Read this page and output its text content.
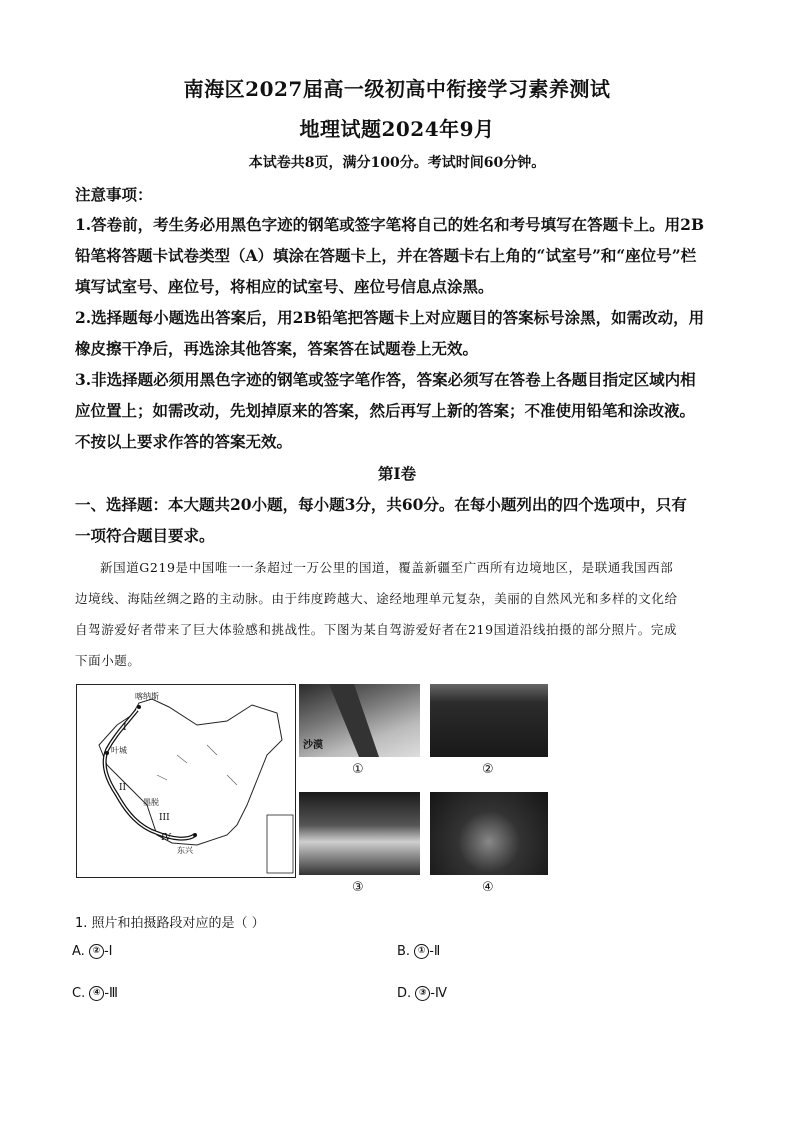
南海区2027届高一级初高中衔接学习素养测试
地理试题2024年9月
本试卷共8页，满分100分。考试时间60分钟。
注意事项：
1.答卷前，考生务必用黑色字迹的钢笔或签字笔将自己的姓名和考号填写在答题卡上。用2B
铅笔将答题卡试卷类型（A）填涂在答题卡上，并在答题卡右上角的“试室号”和“座位号”栏
填写试室号、座位号，将相应的试室号、座位号信息点涂黑。
2.选择题每小题选出答案后，用2B铅笔把答题卡上对应题目的答案标号涂黑，如需改动，用
橡皮擦干净后，再选涂其他答案，答案答在试题卷上无效。
3.非选择题必须用黑色字迹的钢笔或签字笔作答，答案必须写在答卷上各题目指定区域内相
应位置上；如需改动，先划掉原来的答案，然后再写上新的答案；不准使用铅笔和涂改液。
不按以上要求作答的答案无效。
第I卷
一、选择题：本大题共20小题，每小题3分，共60分。在每小题列出的四个选项中，只有
一项符合题目要求。
新国道G219是中国唯一一条超过一万公里的国道，覆盖新疆至广西所有边境地区，是联通我国西部
边境线、海陆丝绸之路的主动脉。由于纬度跨越大、途经地理单元复杂，美丽的自然风光和多样的文化给
自驾游爱好者带来了巨大体验感和挑战性。下图为某自驾游爱好者在219国道沿线拍摄的部分照片。完成
下面小题。
喀纳斯
叶城
墨脱
东兴
I
II
III
IV
沙漠
①	②
③	④
1. 照片和拍摄路段对应的是（ ）
A. ② -I	B. ① -Ⅱ
C. ④ -Ⅲ	D. ③ -Ⅳ
